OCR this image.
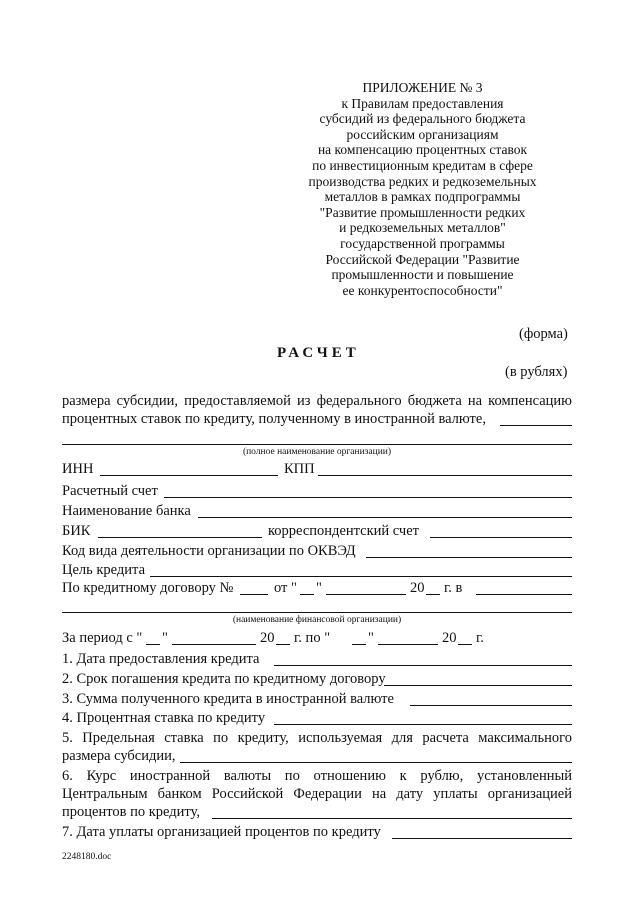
ПРИЛОЖЕНИЕ № 3
к Правилам предоставления
субсидий из федерального бюджета
российским организациям
на компенсацию процентных ставок
по инвестиционным кредитам в сфере
производства редких и редкоземельных
металлов в рамках подпрограммы
"Развитие промышленности редких
и редкоземельных металлов"
государственной программы
Российской Федерации "Развитие
промышленности и повышение
ее конкурентоспособности"
(форма)
РАСЧЕТ
(в рублях)
размера субсидии, предоставляемой из федерального бюджета на компенсацию
процентных ставок по кредиту, полученному в иностранной валюте,
(полное наименование организации)
ИНН	КПП
Расчетный счет
Наименование банка
БИК	корреспондентский счет
Код вида деятельности организации по ОКВЭД
Цель кредита
По кредитному договору №	от " "	20 г. в
(наименование финансовой организации)
За период с " "	20 г. по "	"	20 г.
1. Дата предоставления кредита
2. Срок погашения кредита по кредитному договору
3. Сумма полученного кредита в иностранной валюте
4. Процентная ставка по кредиту
5. Предельная ставка по кредиту, используемая для расчета максимального
размера субсидии,
6. Курс иностранной валюты по отношению к рублю, установленный
Центральным банком Российской Федерации на дату уплаты организацией
процентов по кредиту,
7. Дата уплаты организацией процентов по кредиту
2248180.doc
